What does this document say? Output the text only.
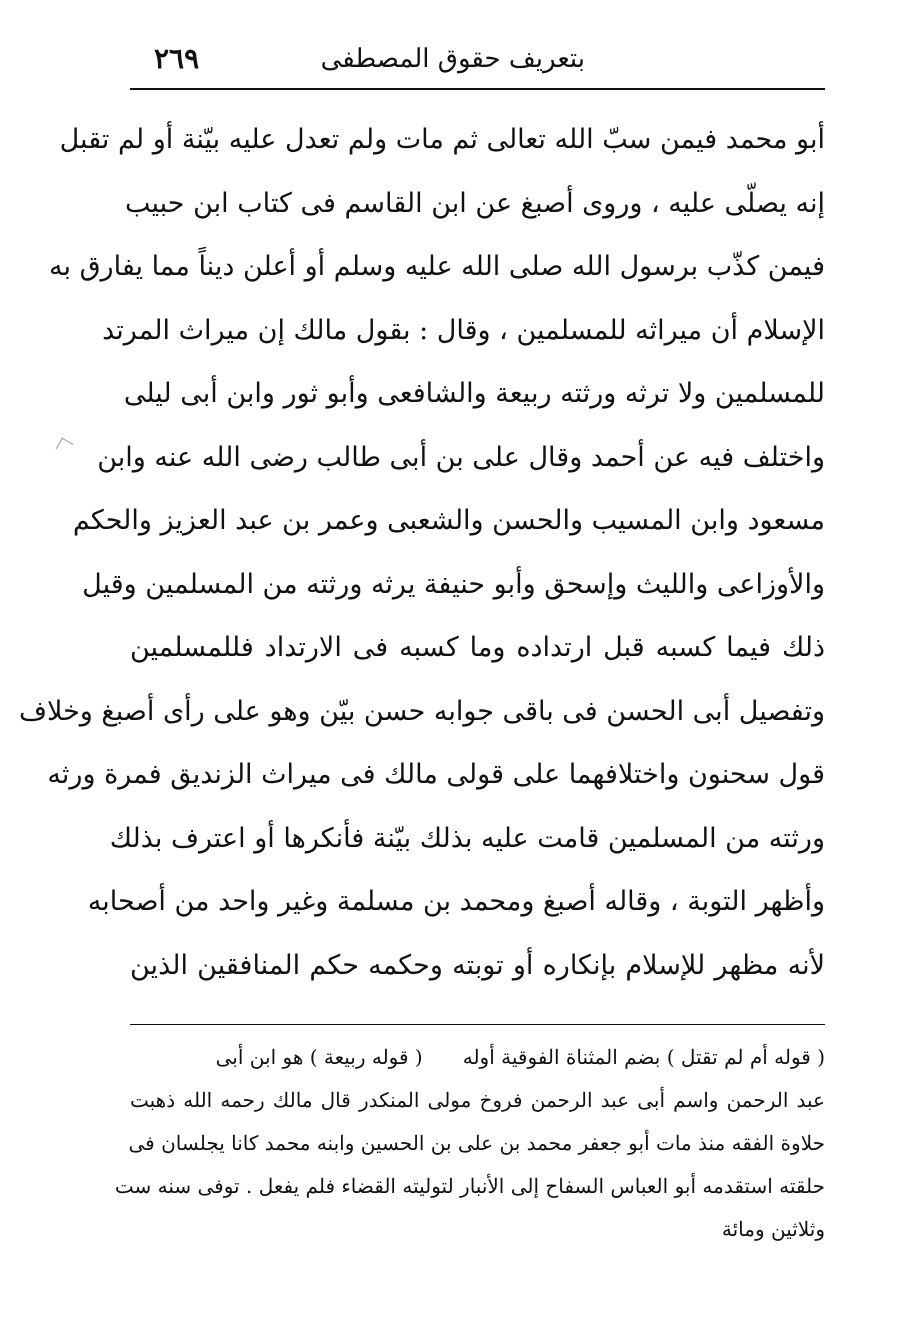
بتعريف حقوق المصطفى
٢٦٩
أبو محمد فيمن سبّ الله تعالى ثم مات ولم تعدل عليه بيّنة أو لم تقبل
إنه يصلّى عليه ، وروى أصبغ عن ابن القاسم فى كتاب ابن حبيب
فيمن كذّب برسول الله صلى الله عليه وسلم أو أعلن ديناً مما يفارق به
الإسلام أن ميراثه للمسلمين ، وقال : بقول مالك إن ميراث المرتد
للمسلمين ولا ترثه ورثته ربيعة والشافعى وأبو ثور وابن أبى ليلى
واختلف فيه عن أحمد وقال على بن أبى طالب رضى الله عنه وابن
مسعود وابن المسيب والحسن والشعبى وعمر بن عبد العزيز والحكم
والأوزاعى والليث وإسحق وأبو حنيفة يرثه ورثته من المسلمين وقيل
ذلك فيما كسبه قبل ارتداده وما كسبه فى الارتداد فللمسلمين
وتفصيل أبى الحسن فى باقى جوابه حسن بيّن وهو على رأى أصبغ وخلاف
قول سحنون واختلافهما على قولى مالك فى ميراث الزنديق فمرة ورثه
ورثته من المسلمين قامت عليه بذلك بيّنة فأنكرها أو اعترف بذلك
وأظهر التوبة ، وقاله أصبغ ومحمد بن مسلمة وغير واحد من أصحابه
لأنه مظهر للإسلام بإنكاره أو توبته وحكمه حكم المنافقين الذين
( قوله أم لم تقتل ) بضم المثناة الفوقية أوله
( قوله ربيعة ) هو ابن أبى
عبد الرحمن واسم أبى عبد الرحمن فروخ مولى المنكدر قال مالك رحمه الله ذهبت
حلاوة الفقه منذ مات أبو جعفر محمد بن على بن الحسين وابنه محمد كانا يجلسان فى
حلقته استقدمه أبو العباس السفاح إلى الأنبار لتوليته القضاء فلم يفعل . توفى سنه ست
وثلاثين ومائة
